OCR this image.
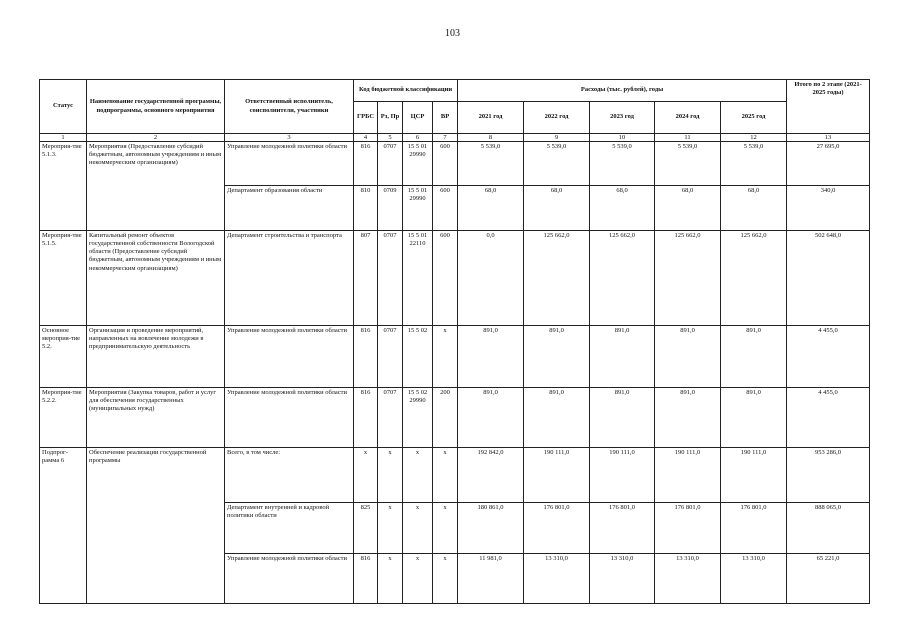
103
Статус	Наименование государственной программы, подпрограммы, основного мероприятия	Ответственный исполнитель, соисполнители, участники	Код бюджетной классификации				Расходы (тыс. рублей), годы					Итого по 2 этапе (2021-2025 годы)
			ГРБС	Рз, Пр	ЦСР	ВР	2021 год	2022 год	2023 год	2024 год	2025 год	
1	2	3	4	5	6	7	8	9	10	11	12	13
Мероприя-тие 5.1.3.	Мероприятия (Предоставление субсидий бюджетным, автономным учреждениям и иным некоммерческим организациям)	Управление молодежной политики области	816	0707	15 5 01 29990	600	5 539,0	5 539,0	5 539,0	5 539,0	5 539,0	27 695,0
		Департамент образования области	810	0709	15 5 01 29990	600	68,0	68,0	68,0	68,0	68,0	340,0
Мероприя-тие 5.1.5.	Капитальный ремонт объектов государственной собственности Вологодской области (Предоставление субсидий бюджетным, автономным учреждениям и иным некоммерческим организациям)	Департамент строительства и транспорта	807	0707	15 5 01 22110	600	0,0	125 662,0	125 662,0	125 662,0	125 662,0	502 648,0
Основное мероприя-тие 5.2.	Организация и проведение мероприятий, направленных на вовлечение молодежи в предпринимательскую деятельность	Управление молодежной политики области	816	0707	15 5 02	x	891,0	891,0	891,0	891,0	891,0	4 455,0
Мероприя-тие 5.2.2.	Мероприятия (Закупка товаров, работ и услуг для обеспечения государственных (муниципальных нужд)	Управление молодежной политики области	816	0707	15 5 02 29990	200	891,0	891,0	891,0	891,0	891,0	4 455,0
Подпрог-рамма 6	Обеспечение реализации государственной программы	Всего, в том числе:	x	x	x	x	192 842,0	190 111,0	190 111,0	190 111,0	190 111,0	953 286,0
		Департамент внутренней и кадровой политики области	825	x	x	x	180 861,0	176 801,0	176 801,0	176 801,0	176 801,0	888 065,0
		Управление молодежной политики области	816	x	x	x	11 981,0	13 310,0	13 310,0	13 310,0	13 310,0	65 221,0
